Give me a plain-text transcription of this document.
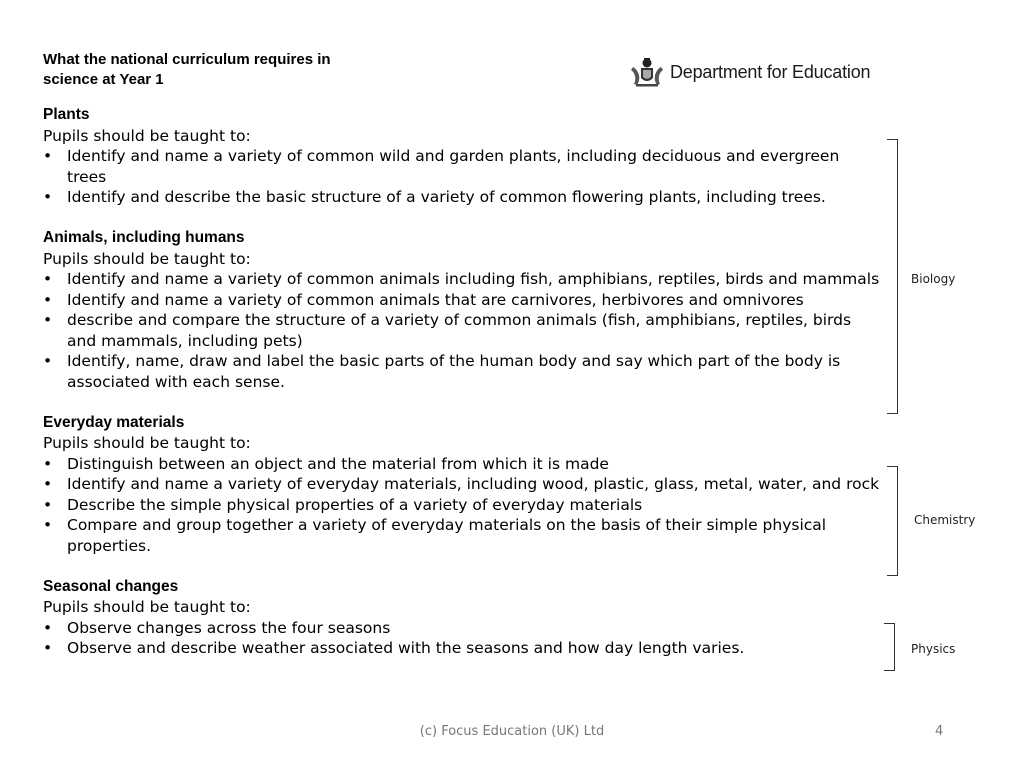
What the national curriculum requires in science at Year 1	Department for Education
Plants
Pupils should be taught to:
• Identify and name a variety of common wild and garden plants, including deciduous and evergreen trees
• Identify and describe the basic structure of a variety of common flowering plants, including trees.
Animals, including humans
Pupils should be taught to:
• Identify and name a variety of common animals including fish, amphibians, reptiles, birds and mammals
• Identify and name a variety of common animals that are carnivores, herbivores and omnivores
• describe and compare the structure of a variety of common animals (fish, amphibians, reptiles, birds and mammals, including pets)
• Identify, name, draw and label the basic parts of the human body and say which part of the body is associated with each sense.
Everyday materials
Pupils should be taught to:
• Distinguish between an object and the material from which it is made
• Identify and name a variety of everyday materials, including wood, plastic, glass, metal, water, and rock
• Describe the simple physical properties of a variety of everyday materials
• Compare and group together a variety of everyday materials on the basis of their simple physical properties.
Seasonal changes
Pupils should be taught to:
• Observe changes across the four seasons
• Observe and describe weather associated with the seasons and how day length varies.
Biology
Chemistry
Physics
(c) Focus Education (UK) Ltd	4
